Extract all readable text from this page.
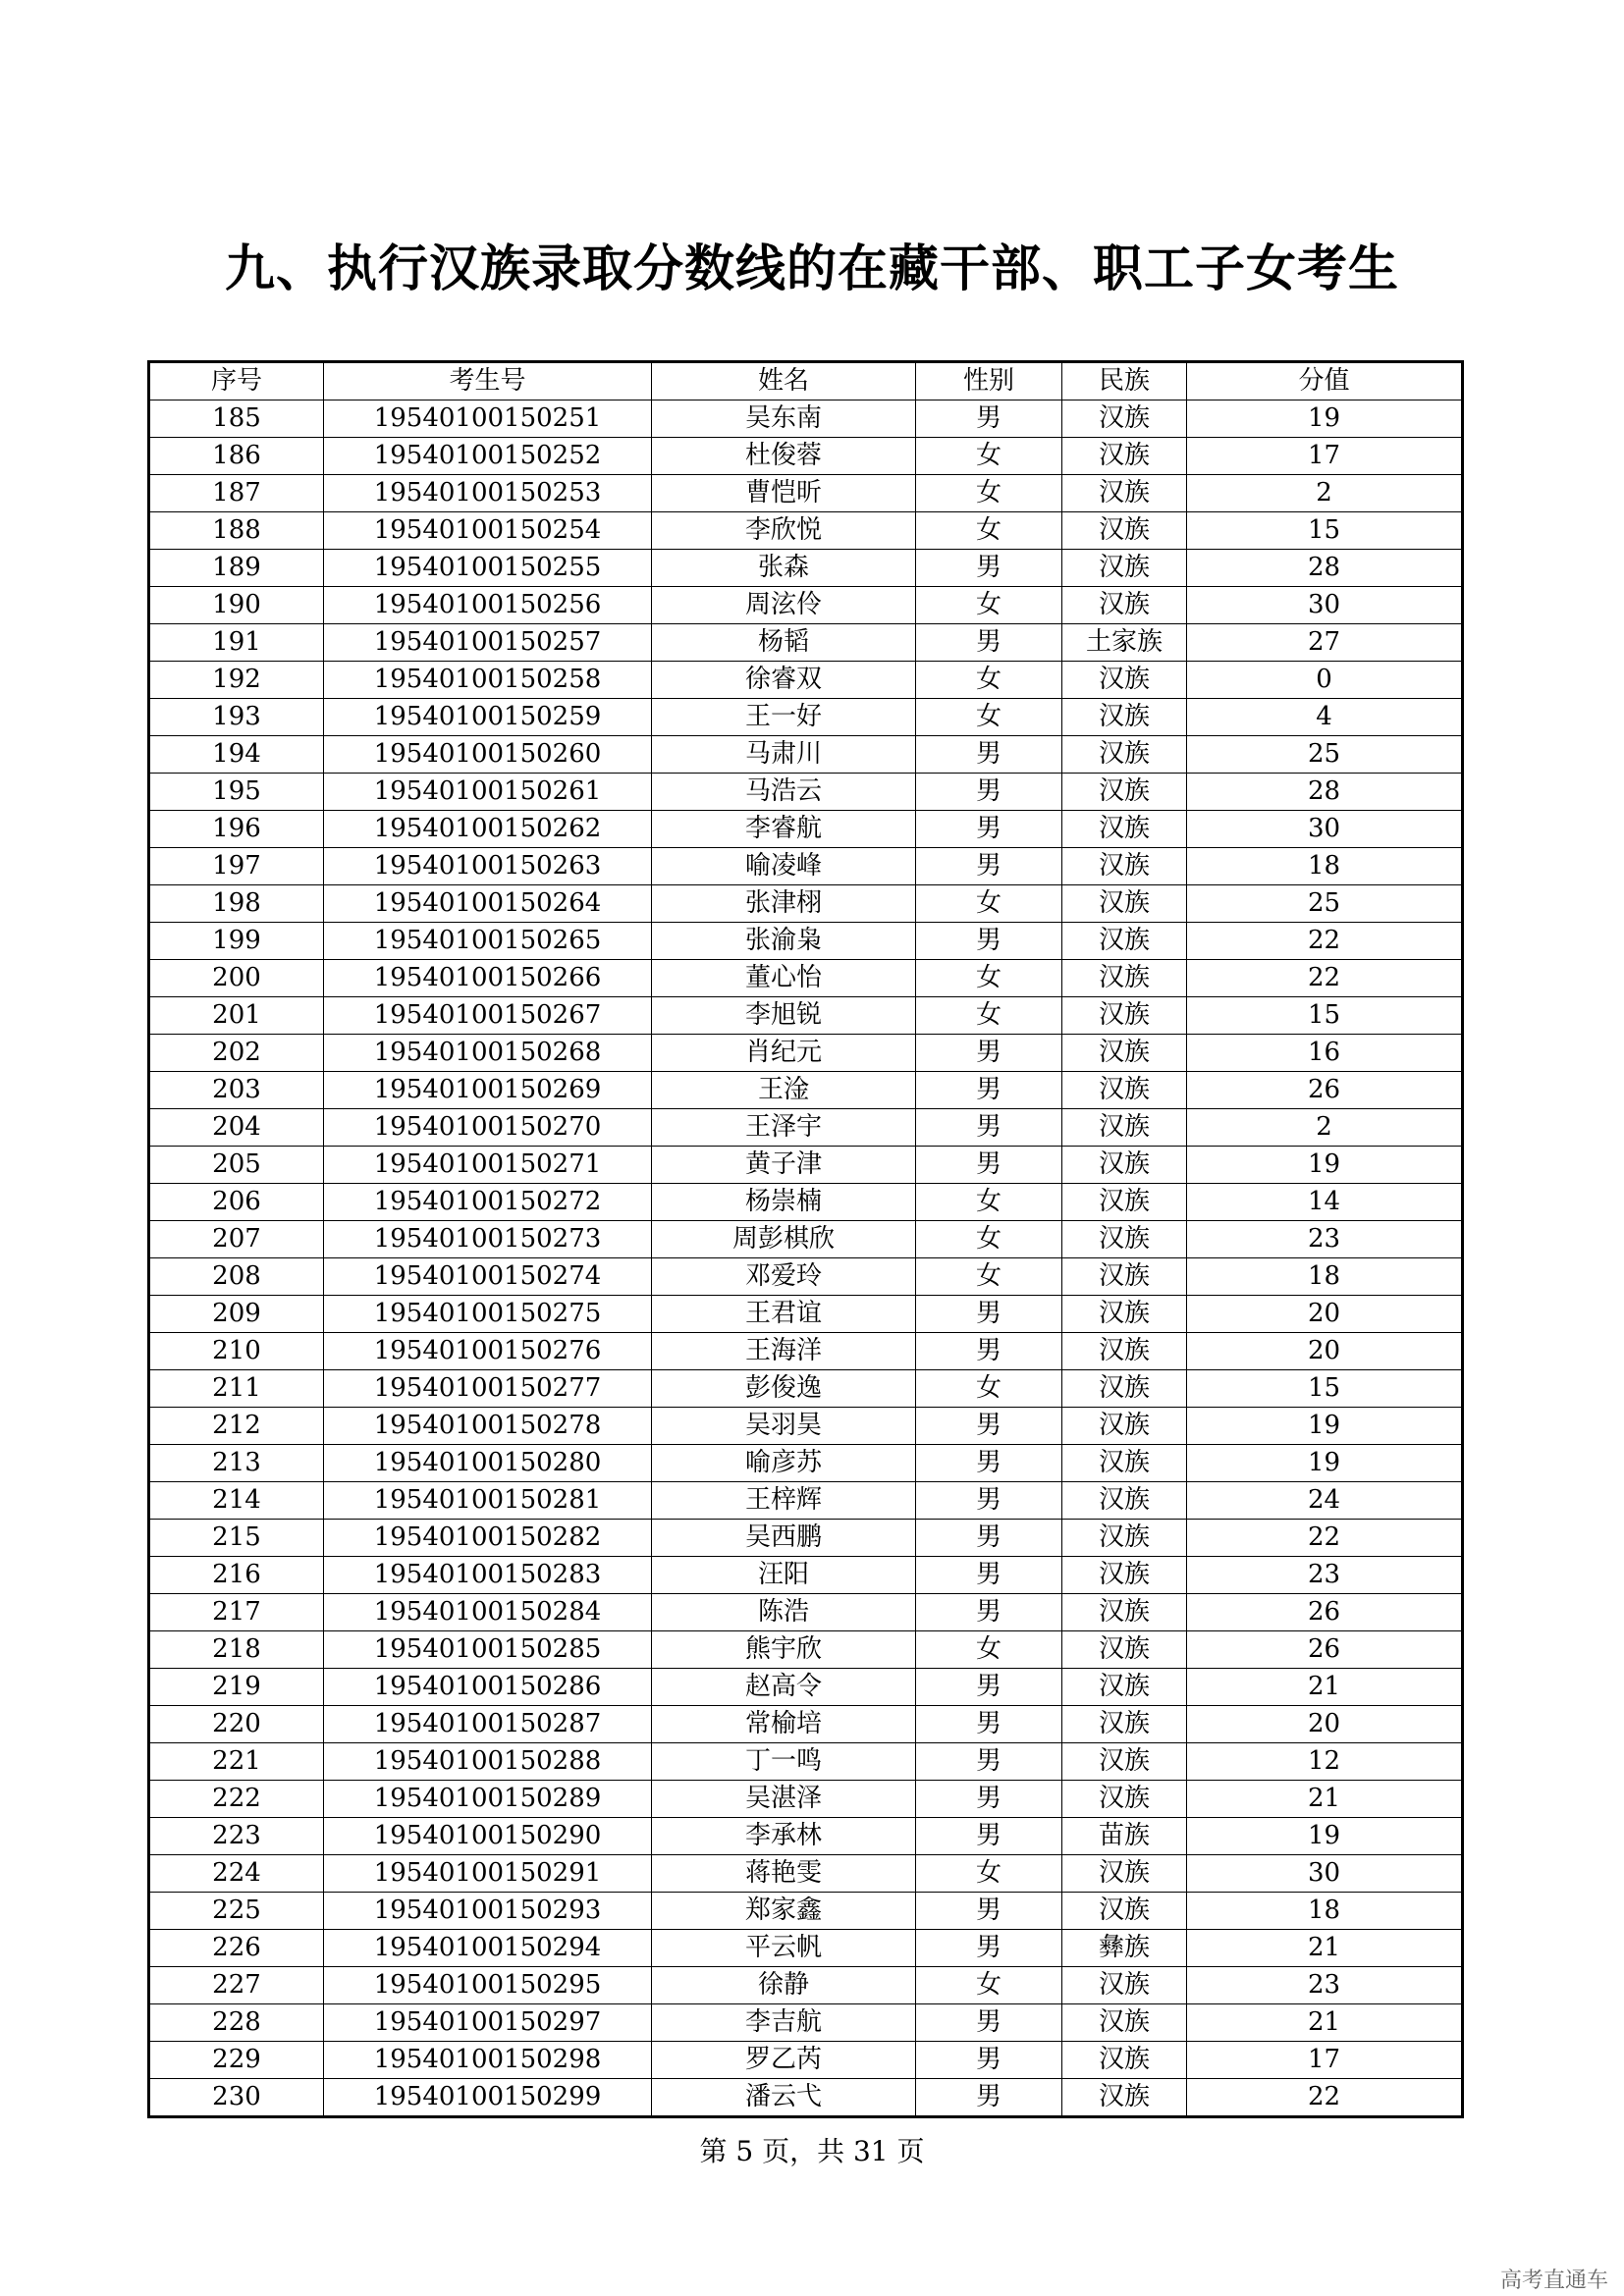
九、执行汉族录取分数线的在藏干部、职工子女考生
序号	考生号	姓名	性别	民族	分值
185	19540100150251	吴东南	男	汉族	19
186	19540100150252	杜俊蓉	女	汉族	17
187	19540100150253	曹恺昕	女	汉族	2
188	19540100150254	李欣悦	女	汉族	15
189	19540100150255	张森	男	汉族	28
190	19540100150256	周泫伶	女	汉族	30
191	19540100150257	杨韬	男	土家族	27
192	19540100150258	徐睿双	女	汉族	0
193	19540100150259	王一好	女	汉族	4
194	19540100150260	马肃川	男	汉族	25
195	19540100150261	马浩云	男	汉族	28
196	19540100150262	李睿航	男	汉族	30
197	19540100150263	喻凌峰	男	汉族	18
198	19540100150264	张津栩	女	汉族	25
199	19540100150265	张渝枭	男	汉族	22
200	19540100150266	董心怡	女	汉族	22
201	19540100150267	李旭锐	女	汉族	15
202	19540100150268	肖纪元	男	汉族	16
203	19540100150269	王淦	男	汉族	26
204	19540100150270	王泽宇	男	汉族	2
205	19540100150271	黄子津	男	汉族	19
206	19540100150272	杨崇楠	女	汉族	14
207	19540100150273	周彭棋欣	女	汉族	23
208	19540100150274	邓爱玲	女	汉族	18
209	19540100150275	王君谊	男	汉族	20
210	19540100150276	王海洋	男	汉族	20
211	19540100150277	彭俊逸	女	汉族	15
212	19540100150278	吴羽昊	男	汉族	19
213	19540100150280	喻彦苏	男	汉族	19
214	19540100150281	王梓辉	男	汉族	24
215	19540100150282	吴西鹏	男	汉族	22
216	19540100150283	汪阳	男	汉族	23
217	19540100150284	陈浩	男	汉族	26
218	19540100150285	熊宇欣	女	汉族	26
219	19540100150286	赵高令	男	汉族	21
220	19540100150287	常榆培	男	汉族	20
221	19540100150288	丁一鸣	男	汉族	12
222	19540100150289	吴湛泽	男	汉族	21
223	19540100150290	李承林	男	苗族	19
224	19540100150291	蒋艳雯	女	汉族	30
225	19540100150293	郑家鑫	男	汉族	18
226	19540100150294	平云帆	男	彝族	21
227	19540100150295	徐静	女	汉族	23
228	19540100150297	李吉航	男	汉族	21
229	19540100150298	罗乙芮	男	汉族	17
230	19540100150299	潘云弋	男	汉族	22
第 5 页，共 31 页
高考直通车
